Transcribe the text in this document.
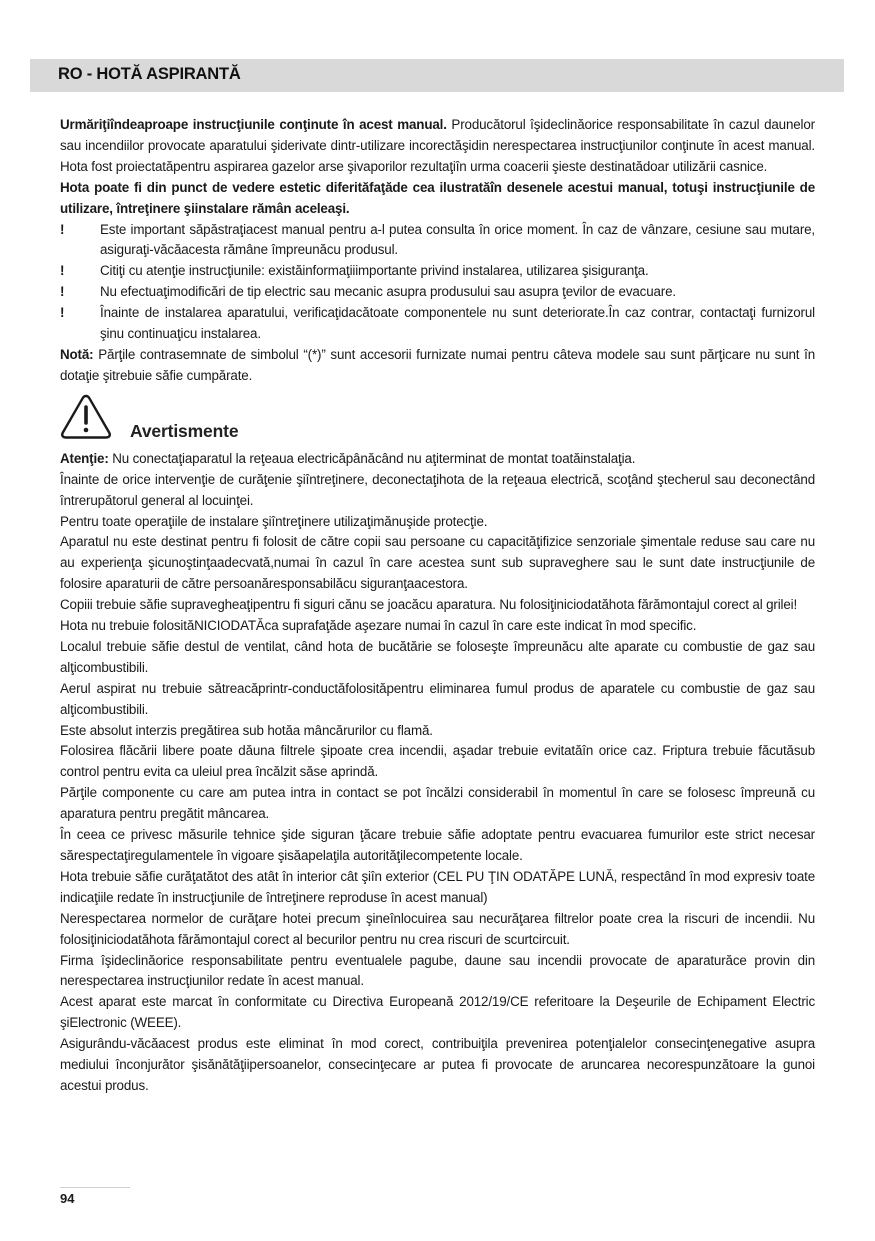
RO - HOTĂ ASPIRANTĂ

Urmăriţiîndeaproape instrucţiunile conţinute în acest manual. Producătorul îşideclinăorice responsabilitate în cazul daunelor sau incendiilor provocate aparatului şiderivate dintr-utilizare incorectăşidin nerespectarea instrucţiunilor conţinute în acest manual. Hota fost proiectatăpentru aspirarea gazelor arse şivaporilor rezultaţiîn urma coacerii şieste destinatădoar utilizării casnice.

Hota poate fi din punct de vedere estetic diferităfaţăde cea ilustratăîn desenele acestui manual, totuşi instrucţiunile de utilizare, întreţinere şiinstalare rămân aceleaşi.

!	Este important săpăstraţiacest manual pentru a-l putea consulta în orice moment. În caz de vânzare, cesiune sau mutare, asiguraţi-văcăacesta rămâne împreunăcu produsul.
!	Citiţi cu atenţie instrucţiunile: existăinformaţiiimportante privind instalarea, utilizarea şisiguranţa.
!	Nu efectuaţimodificări de tip electric sau mecanic asupra produsului sau asupra ţevilor de evacuare.
!	Înainte de instalarea aparatului, verificaţidacătoate componentele nu sunt deteriorate.În caz contrar, contactaţi furnizorul şinu continuaţicu instalarea.

Notă: Părţile contrasemnate de simbolul “(*)” sunt accesorii furnizate numai pentru câteva modele sau sunt părţicare nu sunt în dotaţie şitrebuie săfie cumpărate.

Avertismente

Atenţie: Nu conectaţiaparatul la reţeaua electricăpânăcând nu aţiterminat de montat toatăinstalaţia.

Înainte de orice intervenţie de curăţenie şiîntreţinere, deconectaţihota de la reţeaua electrică, scoţând ştecherul sau deconectând întrerupătorul general al locuinţei.

Pentru toate operaţiile de instalare şiîntreţinere utilizaţimănuşide protecţie.

Aparatul nu este destinat pentru fi folosit de către copii sau persoane cu capacităţifizice senzoriale şimentale reduse sau care nu au experienţa şicunoştinţaadecvată,numai în cazul în care acestea sunt sub supraveghere sau le sunt date instrucţiunile de folosire aparaturii de către persoanăresponsabilăcu siguranţaacestora.

Copiii trebuie săfie supravegheaţipentru fi siguri cănu se joacăcu aparatura. Nu folosiţiniciodatăhota fărămontajul corect al grilei!

Hota nu trebuie folosităNICIODATĂca suprafaţăde aşezare numai în cazul în care este indicat în mod specific.

Localul trebuie săfie destul de ventilat, când hota de bucătărie se foloseşte împreunăcu alte aparate cu combustie de gaz sau alţicombustibili.

Aerul aspirat nu trebuie sătreacăprintr-conductăfolosităpentru eliminarea fumul produs de aparatele cu combustie de gaz sau alţicombustibili.

Este absolut interzis pregătirea sub hotăa mâncărurilor cu flamă.

Folosirea flăcării libere poate dăuna filtrele şipoate crea incendii, aşadar trebuie evitatăîn orice caz. Friptura trebuie făcutăsub control pentru evita ca uleiul prea încălzit săse aprindă.

Părţile componente cu care am putea intra in contact se pot încălzi considerabil în momentul în care se folosesc împreună cu aparatura pentru pregătit mâncarea.

În ceea ce privesc măsurile tehnice şide siguran ţăcare trebuie săfie adoptate pentru evacuarea fumurilor este strict necesar sărespectaţiregulamentele în vigoare şisăapelaţila autorităţilecompetente locale.

Hota trebuie săfie curăţatătot des atât în interior cât şiîn exterior (CEL PU ŢIN ODATĂPE LUNĂ, respectând în mod expresiv toate indicaţiile redate în instrucţiunile de întreţinere reproduse în acest manual)

Nerespectarea normelor de curăţare hotei precum şineînlocuirea sau necurăţarea filtrelor poate crea la riscuri de incendii. Nu folosiţiniciodatăhota fărămontajul corect al becurilor pentru nu crea riscuri de scurtcircuit.

Firma îşideclinăorice responsabilitate pentru eventualele pagube, daune sau incendii provocate de aparaturăce provin din nerespectarea instrucţiunilor redate în acest manual.

Acest aparat este marcat în conformitate cu Directiva Europeană 2012/19/CE referitoare la Deşeurile de Echipament Electric şiElectronic (WEEE).

Asigurându-văcăacest produs este eliminat în mod corect, contribuiţila prevenirea potenţialelor consecinţenegative asupra mediului înconjurător şisănătăţiipersoanelor, consecinţecare ar putea fi provocate de aruncarea necorespunzătoare la gunoi acestui produs.

94
